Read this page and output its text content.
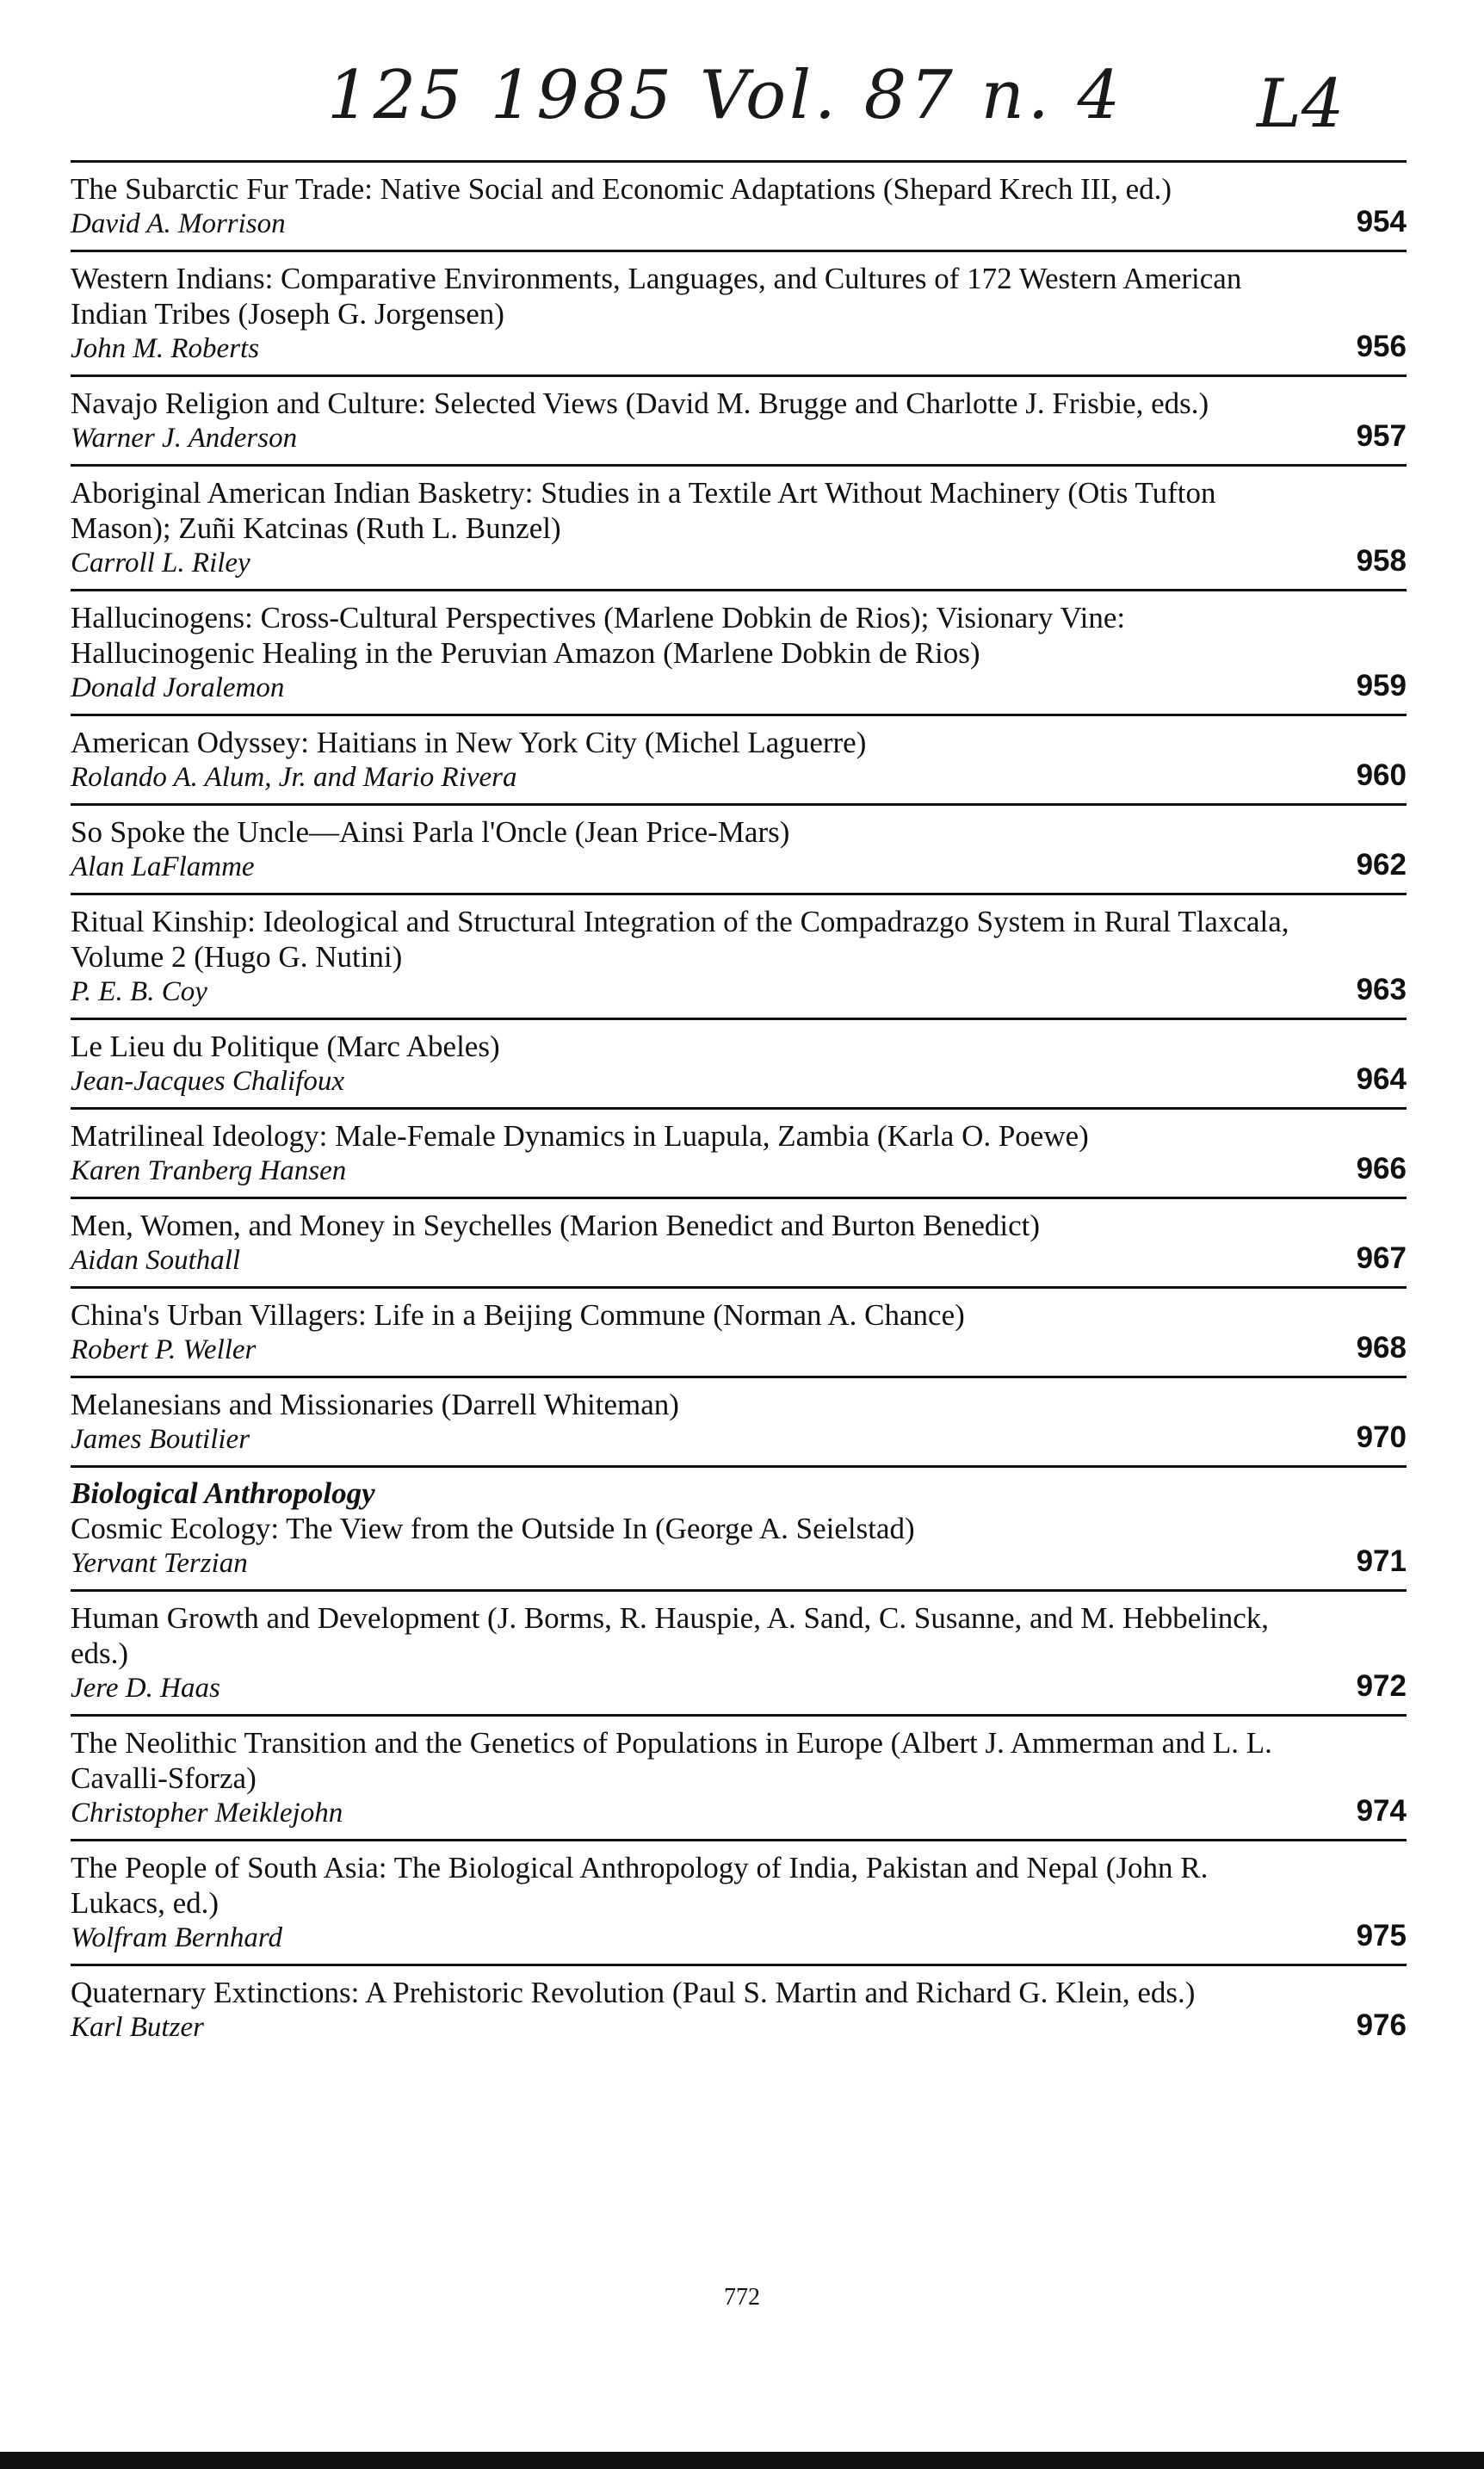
125 1985 Vol. 87 n. 4 L4
The Subarctic Fur Trade: Native Social and Economic Adaptations (Shepard Krech III, ed.)
David A. Morrison	954
Western Indians: Comparative Environments, Languages, and Cultures of 172 Western American Indian Tribes (Joseph G. Jorgensen)
John M. Roberts	956
Navajo Religion and Culture: Selected Views (David M. Brugge and Charlotte J. Frisbie, eds.)
Warner J. Anderson	957
Aboriginal American Indian Basketry: Studies in a Textile Art Without Machinery (Otis Tufton Mason); Zuñi Katcinas (Ruth L. Bunzel)
Carroll L. Riley	958
Hallucinogens: Cross-Cultural Perspectives (Marlene Dobkin de Rios); Visionary Vine: Hallucinogenic Healing in the Peruvian Amazon (Marlene Dobkin de Rios)
Donald Joralemon	959
American Odyssey: Haitians in New York City (Michel Laguerre)
Rolando A. Alum, Jr. and Mario Rivera	960
So Spoke the Uncle—Ainsi Parla l'Oncle (Jean Price-Mars)
Alan LaFlamme	962
Ritual Kinship: Ideological and Structural Integration of the Compadrazgo System in Rural Tlaxcala, Volume 2 (Hugo G. Nutini)
P. E. B. Coy	963
Le Lieu du Politique (Marc Abeles)
Jean-Jacques Chalifoux	964
Matrilineal Ideology: Male-Female Dynamics in Luapula, Zambia (Karla O. Poewe)
Karen Tranberg Hansen	966
Men, Women, and Money in Seychelles (Marion Benedict and Burton Benedict)
Aidan Southall	967
China's Urban Villagers: Life in a Beijing Commune (Norman A. Chance)
Robert P. Weller	968
Melanesians and Missionaries (Darrell Whiteman)
James Boutilier	970
Biological Anthropology
Cosmic Ecology: The View from the Outside In (George A. Seielstad)
Yervant Terzian	971
Human Growth and Development (J. Borms, R. Hauspie, A. Sand, C. Susanne, and M. Hebbelinck, eds.)
Jere D. Haas	972
The Neolithic Transition and the Genetics of Populations in Europe (Albert J. Ammerman and L. L. Cavalli-Sforza)
Christopher Meiklejohn	974
The People of South Asia: The Biological Anthropology of India, Pakistan and Nepal (John R. Lukacs, ed.)
Wolfram Bernhard	975
Quaternary Extinctions: A Prehistoric Revolution (Paul S. Martin and Richard G. Klein, eds.)
Karl Butzer	976
772
